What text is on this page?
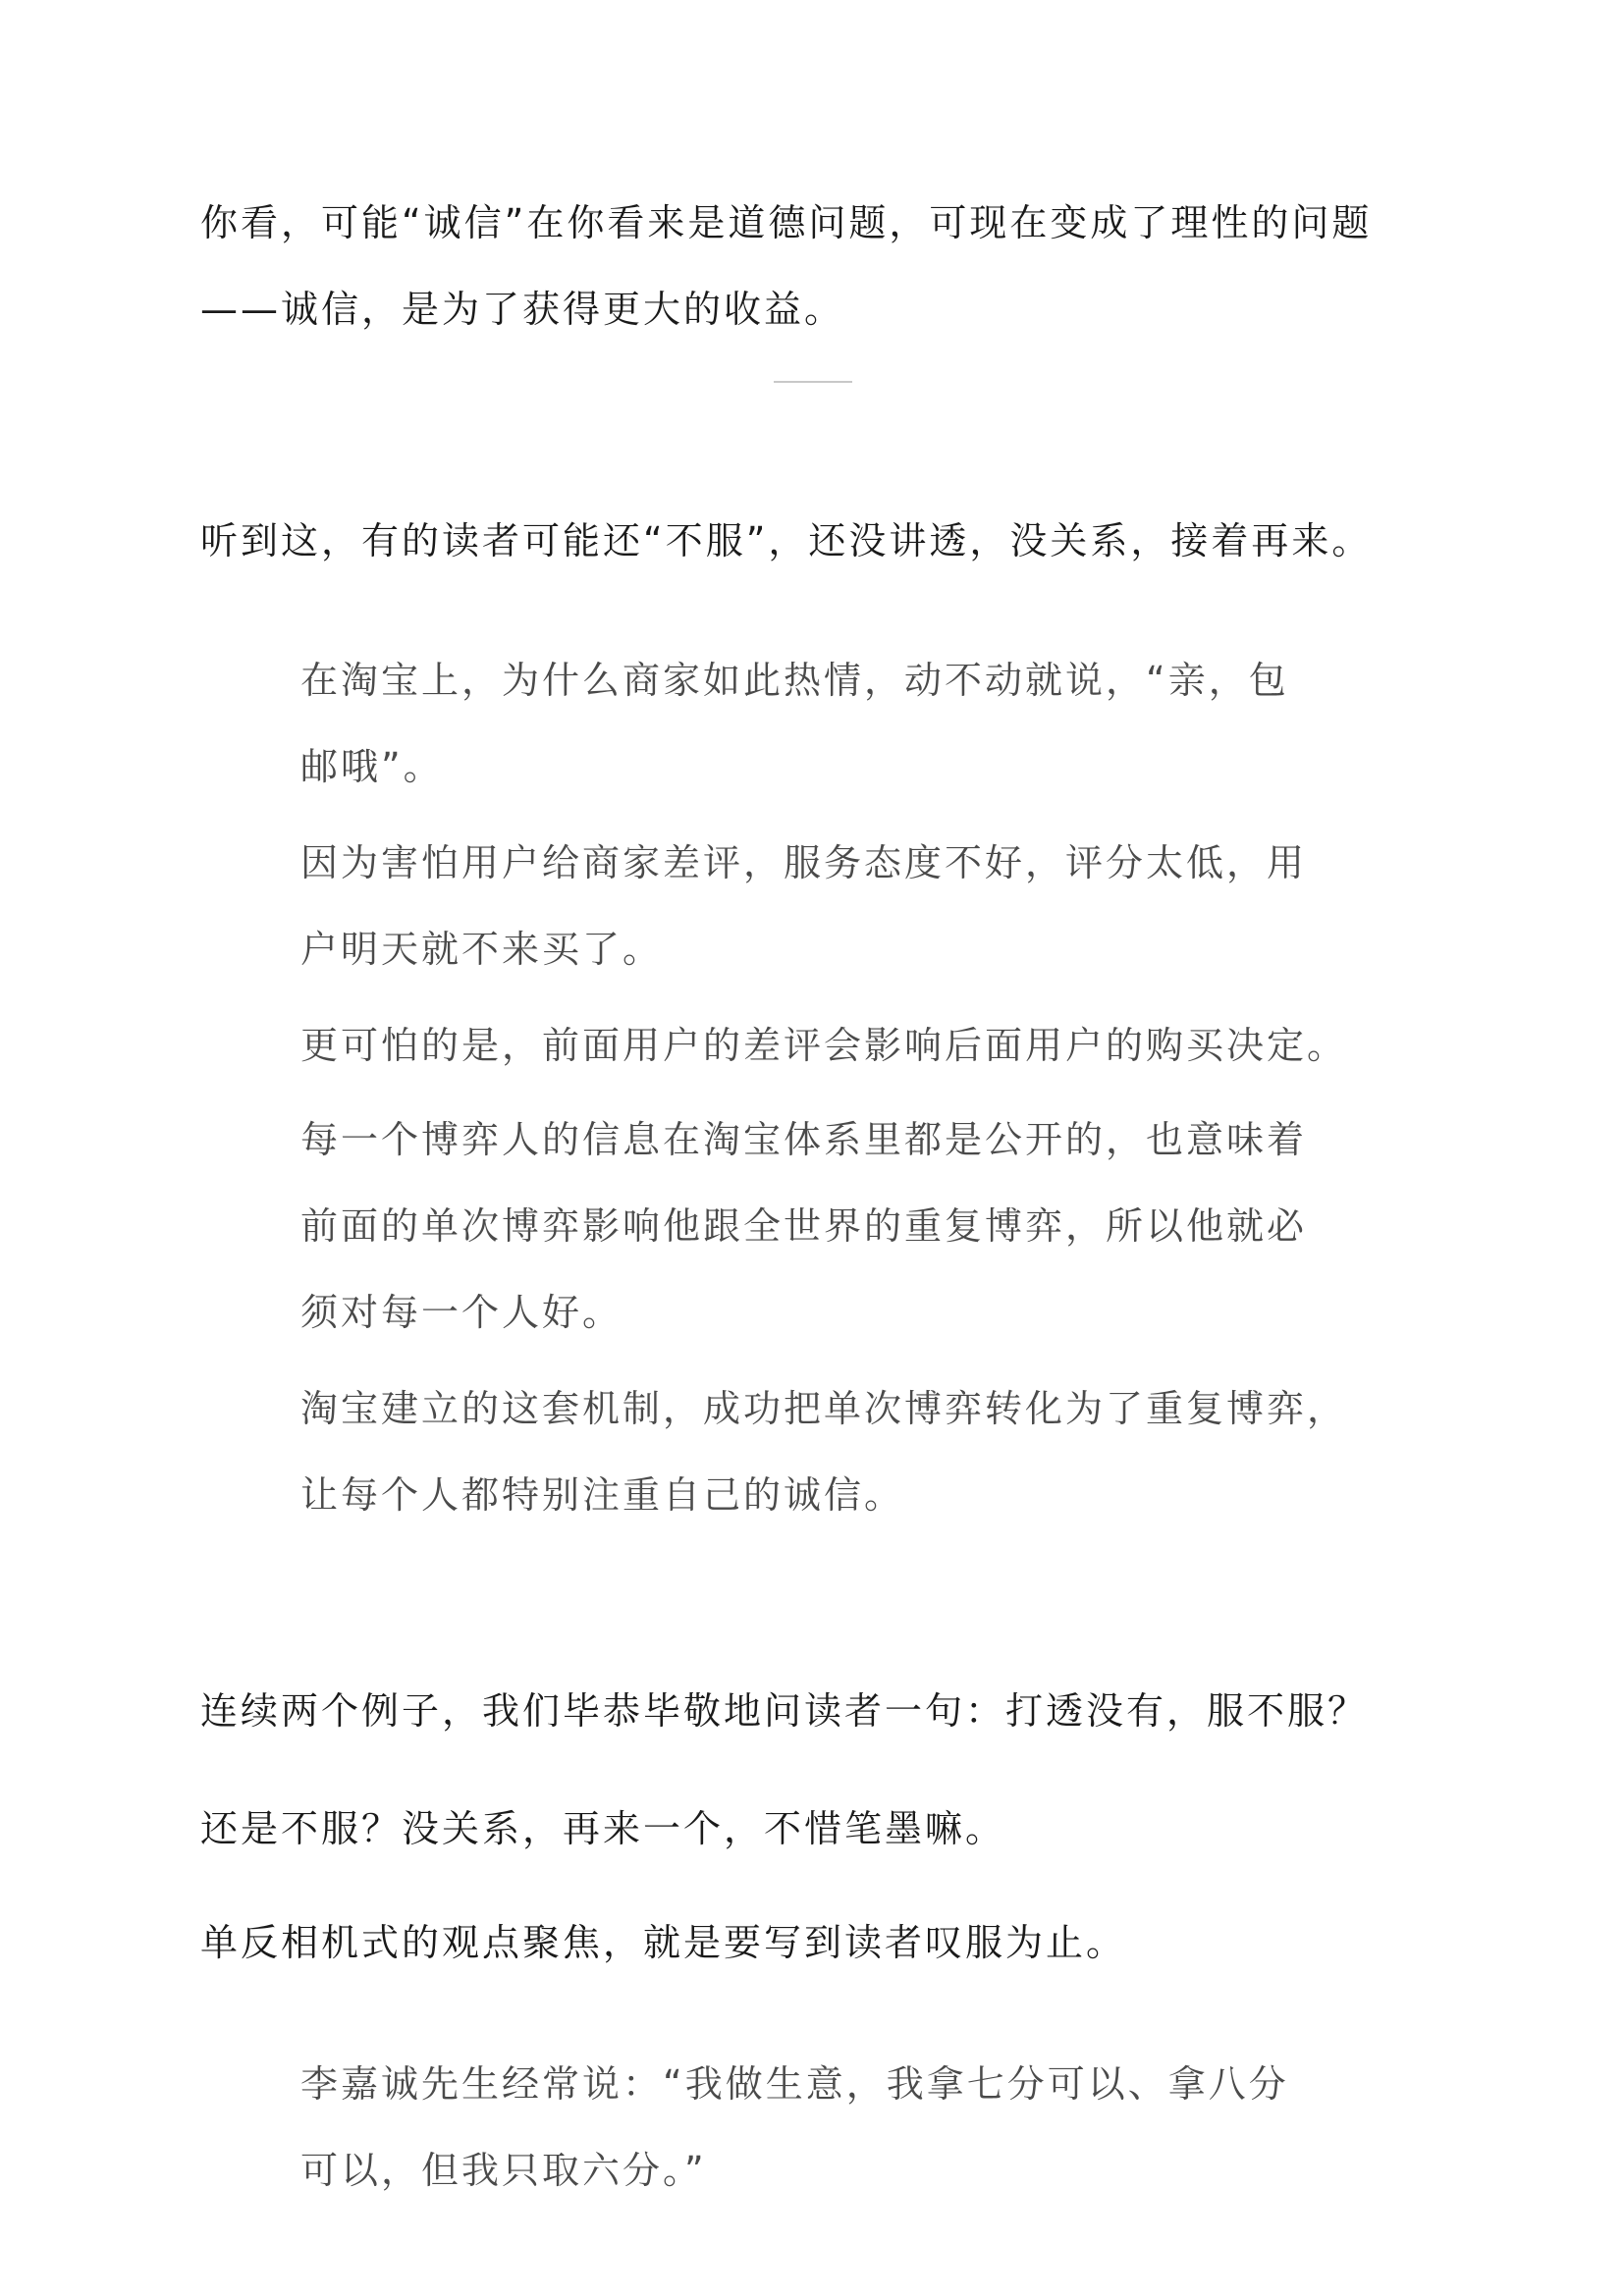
你看，可能“诚信”在你看来是道德问题，可现在变成了理性的问题

——诚信，是为了获得更大的收益。

听到这，有的读者可能还“不服”，还没讲透，没关系，接着再来。

在淘宝上，为什么商家如此热情，动不动就说，“亲，包

邮哦”。

因为害怕用户给商家差评，服务态度不好，评分太低，用

户明天就不来买了。

更可怕的是，前面用户的差评会影响后面用户的购买决定。

每一个博弈人的信息在淘宝体系里都是公开的，也意味着

前面的单次博弈影响他跟全世界的重复博弈，所以他就必

须对每一个人好。

淘宝建立的这套机制，成功把单次博弈转化为了重复博弈，

让每个人都特别注重自己的诚信。

连续两个例子，我们毕恭毕敬地问读者一句：打透没有，服不服？

还是不服？没关系，再来一个，不惜笔墨嘛。

单反相机式的观点聚焦，就是要写到读者叹服为止。

李嘉诚先生经常说：“我做生意，我拿七分可以、拿八分

可以，但我只取六分。”
